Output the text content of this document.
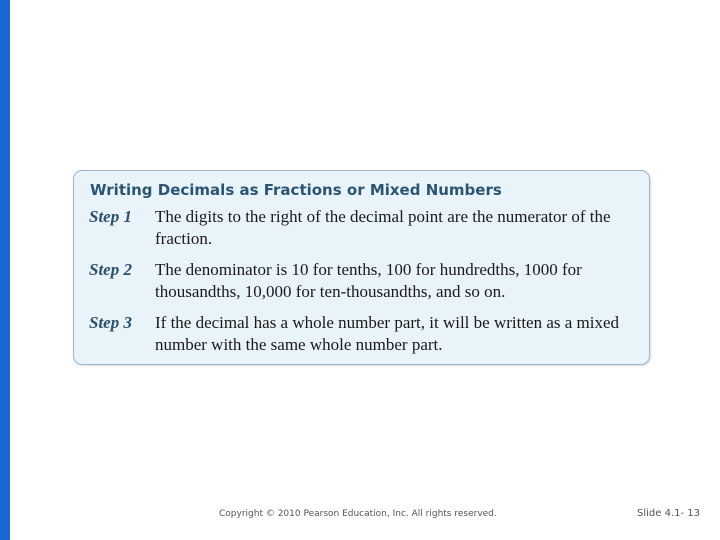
Writing Decimals as Fractions or Mixed Numbers
Step 1 The digits to the right of the decimal point are the numerator of the fraction.
Step 2 The denominator is 10 for tenths, 100 for hundredths, 1000 for thousandths, 10,000 for ten-thousandths, and so on.
Step 3 If the decimal has a whole number part, it will be written as a mixed number with the same whole number part.
Copyright © 2010 Pearson Education, Inc. All rights reserved.	Slide 4.1- 13
